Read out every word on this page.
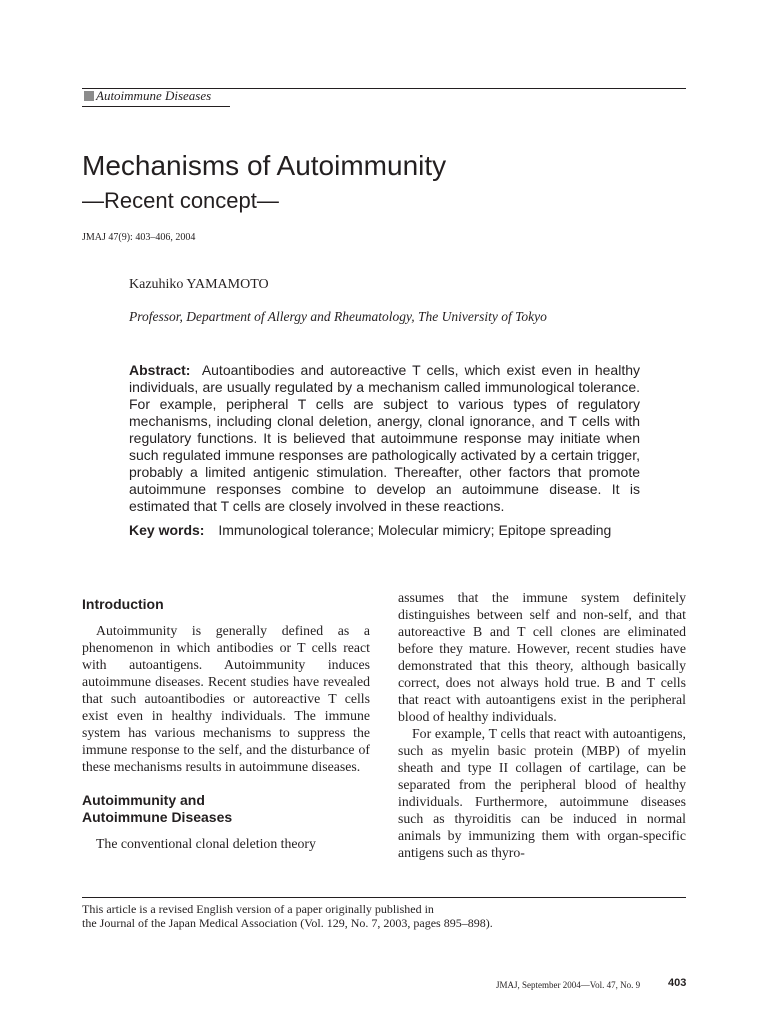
Autoimmune Diseases
Mechanisms of Autoimmunity
—Recent concept—
JMAJ 47(9): 403–406, 2004
Kazuhiko YAMAMOTO
Professor, Department of Allergy and Rheumatology, The University of Tokyo
Abstract: Autoantibodies and autoreactive T cells, which exist even in healthy individuals, are usually regulated by a mechanism called immunological tolerance. For example, peripheral T cells are subject to various types of regulatory mechanisms, including clonal deletion, anergy, clonal ignorance, and T cells with regulatory functions. It is believed that autoimmune response may initiate when such regulated immune responses are pathologically activated by a certain trigger, probably a limited antigenic stimulation. Thereafter, other factors that promote autoimmune responses combine to develop an autoimmune disease. It is estimated that T cells are closely involved in these reactions.
Key words: Immunological tolerance; Molecular mimicry; Epitope spreading
Introduction

Autoimmunity is generally defined as a phenomenon in which antibodies or T cells react with autoantigens. Autoimmunity induces autoimmune diseases. Recent studies have revealed that such autoantibodies or autoreactive T cells exist even in healthy individuals. The immune system has various mechanisms to suppress the immune response to the self, and the disturbance of these mechanisms results in autoimmune diseases.

Autoimmunity and
Autoimmune Diseases

The conventional clonal deletion theory

assumes that the immune system definitely distinguishes between self and non-self, and that autoreactive B and T cell clones are eliminated before they mature. However, recent studies have demonstrated that this theory, although basically correct, does not always hold true. B and T cells that react with autoantigens exist in the peripheral blood of healthy individuals.

For example, T cells that react with autoantigens, such as myelin basic protein (MBP) of myelin sheath and type II collagen of cartilage, can be separated from the peripheral blood of healthy individuals. Furthermore, autoimmune diseases such as thyroiditis can be induced in normal animals by immunizing them with organ-specific antigens such as thyro-

This article is a revised English version of a paper originally published in
the Journal of the Japan Medical Association (Vol. 129, No. 7, 2003, pages 895–898).
JMAJ, September 2004—Vol. 47, No. 9	403
